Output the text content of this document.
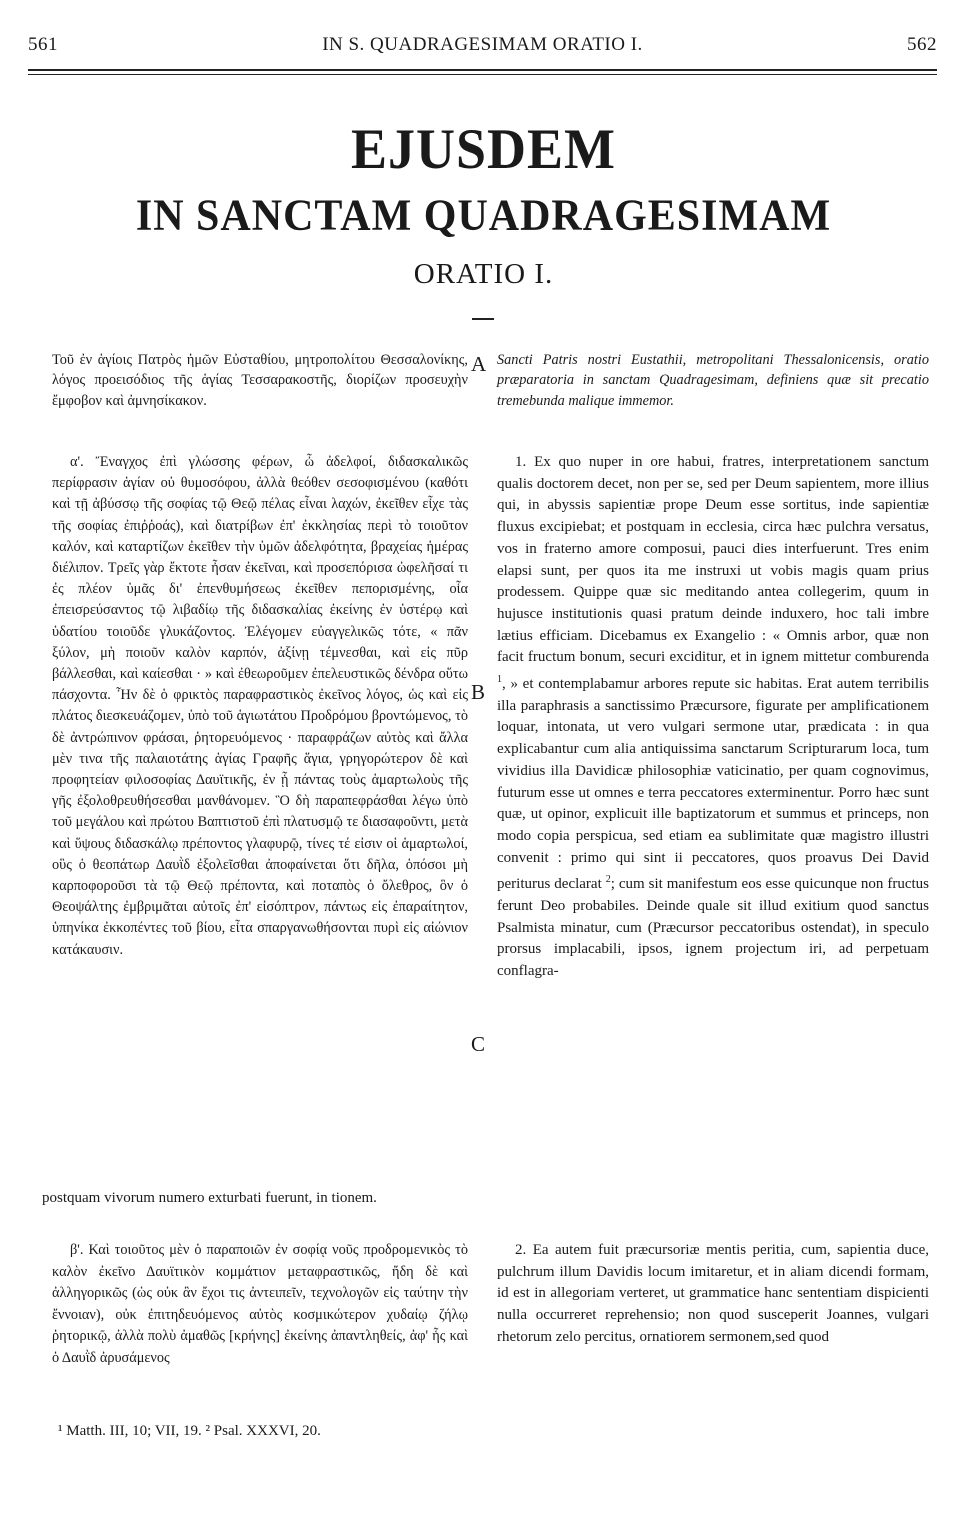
561	IN S. QUADRAGESIMAM ORATIO I.	562
EJUSDEM
IN SANCTAM QUADRAGESIMAM
ORATIO I.

Τοῦ ἐν ἁγίοις Πατρὸς ἡμῶν Εὐσταθίου, μητροπολίτου Θεσσαλονίκης, λόγος προεισόδιος τῆς ἁγίας Τεσσαρακοστῆς, διορίζων προσευχὴν ἔμφοβον καὶ ἀμνησίκακον.

α'. Ἔναγχος ἐπὶ γλώσσης φέρων, ὦ ἀδελφοί, διδασκαλικῶς περίφρασιν ἁγίαν οὐ θυμοσόφου, ἀλλὰ θεόθεν σεσοφισμένου (καθότι καὶ τῇ ἀβύσσῳ τῆς σοφίας τῷ Θεῷ πέλας εἶναι λαχών, ἐκεῖθεν εἶχε τὰς τῆς σοφίας ἐπιῤῥοάς), καὶ διατρίβων ἐπ' ἐκκλησίας περὶ τὸ τοιοῦτον καλόν, καὶ καταρτίζων ἐκεῖθεν τὴν ὑμῶν ἀδελφότητα, βραχείας ἡμέρας διέλιπον. Τρεῖς γὰρ ἔκτοτε ἦσαν ἐκεῖναι, καὶ προσεπόρισα ὠφελῆσαί τι ἐς πλέον ὑμᾶς δι' ἐπενθυμήσεως ἐκεῖθεν πεπορισμένης, οἷα ἐπεισρεύσαντος τῷ λιβαδίῳ τῆς διδασκαλίας ἐκείνης ἐν ὑστέρῳ καὶ ὑδατίου τοιοῦδε γλυκάζοντος. Ἐλέγομεν εὐαγγελικῶς τότε, « πᾶν ξύλον, μὴ ποιοῦν καλὸν καρπόν, ἀξίνῃ τέμνεσθαι, καὶ εἰς πῦρ βάλλεσθαι, καὶ καίεσθαι · » καὶ ἐθεωροῦμεν ἐπελευστικῶς δένδρα οὕτω πάσχοντα. Ἦν δὲ ὁ φρικτὸς παραφραστικὸς ἐκεῖνος λόγος, ὡς καὶ εἰς πλάτος διεσκευάζομεν, ὑπὸ τοῦ ἁγιωτάτου Προδρόμου βροντώμενος, τὸ δὲ ἀντρώπινον φράσαι, ῥητορευόμενος · παραφράζων αὐτὸς καὶ ἄλλα μὲν τινα τῆς παλαιοτάτης ἁγίας Γραφῆς ἅγια, γρηγορώτερον δὲ καὶ προφητείαν φιλοσοφίας Δαυϊτικῆς, ἐν ᾗ πάντας τοὺς ἁμαρτωλοὺς τῆς γῆς ἐξολοθρευθήσεσθαι μανθάνομεν. Ὃ δὴ παραπεφράσθαι λέγω ὑπὸ τοῦ μεγάλου καὶ πρώτου Βαπτιστοῦ ἐπὶ πλατυσμῷ τε διασαφοῦντι, μετὰ καὶ ὕψους διδασκάλῳ πρέποντος γλαφυρῷ, τίνες τέ εἰσιν οἱ ἁμαρτωλοί, οὓς ὁ θεοπάτωρ Δαυῒδ ἐξολεῖσθαι ἀποφαίνεται ὅτι δῆλα, ὁπόσοι μὴ καρποφοροῦσι τὰ τῷ Θεῷ πρέποντα, καὶ ποταπὸς ὁ ὄλεθρος, ὃν ὁ Θεοψάλτης ἐμβριμᾶται αὐτοῖς ἐπ' εἰσόπτρον, πάντως εἰς ἐπαραίτητον, ὑπηνίκα ἐκκοπέντες τοῦ βίου, εἶτα σπαργανωθήσονται πυρὶ εἰς αἰώνιον κατάκαυσιν.

Sancti Patris nostri Eustathii, metropolitani Thessalonicensis, oratio præparatoria in sanctam Quadragesimam, definiens quæ sit precatio tremebunda malique immemor.

1. Ex quo nuper in ore habui, fratres, interpretationem sanctum qualis doctorem decet, non per se, sed per Deum sapientem, more illius qui, in abyssis sapientiæ prope Deum esse sortitus, inde sapientiæ fluxus excipiebat; et postquam in ecclesia, circa hæc pulchra versatus, vos in fraterno amore composui, pauci dies interfuerunt. Tres enim elapsi sunt, per quos ita me instruxi ut vobis magis quam prius prodessem. Quippe quæ sic meditando antea collegerim, quum in hujusce institutionis quasi pratum deinde induxero, hoc tali imbre lætius efficiam. Dicebamus ex Exangelio : « Omnis arbor, quæ non facit fructum bonum, securi exciditur, et in ignem mittetur comburenda $^1$, » et contemplabamur arbores repute sic habitas. Erat autem terribilis illa paraphrasis a sanctissimo Præcursore, figurate per amplificationem loquar, intonata, ut vero vulgari sermone utar, prædicata : in qua explicabantur cum alia antiquissima sanctarum Scripturarum loca, tum vividius illa Davidicæ philosophiæ vaticinatio, per quam cognovimus, futurum esse ut omnes e terra peccatores exterminentur. Porro hæc sunt quæ, ut opinor, explicuit ille baptizatorum et summus et princeps, non modo copia perspicua, sed etiam ea sublimitate quæ magistro illustri convenit : primo qui sint ii peccatores, quos proavus Dei David periturus declarat $^2$; cum sit manifestum eos esse quicunque non fructus ferunt Deo probabiles. Deinde quale sit illud exitium quod sanctus Psalmista minatur, cum (Præcursor peccatoribus ostendat), in speculo prorsus implacabili, ipsos, ignem projectum iri, ad perpetuam conflagra-

A
B
C
postquam vivorum numero exturbati fuerunt, in tionem.

β'. Καὶ τοιοῦτος μὲν ὁ παραποιῶν ἐν σοφίᾳ νοῦς προδρομενικὸς τὸ καλὸν ἐκεῖνο Δαυϊτικὸν κομμάτιον μεταφραστικῶς, ἤδη δὲ καὶ ἀλληγορικῶς (ὡς οὐκ ἂν ἔχοι τις ἀντειπεῖν, τεχνολογῶν εἰς ταύτην τὴν ἔννοιαν), οὐκ ἐπιτηδευόμενος αὐτὸς κοσμικώτερον χυδαίῳ ζήλῳ ῥητορικῷ, ἀλλὰ πολὺ ἀμαθῶς [κρήνης] ἐκείνης ἀπαντληθείς, ἀφ' ἧς καὶ ὁ Δαυῒδ ἀρυσάμενος

2. Ea autem fuit præcursoriæ mentis peritia, cum, sapientia duce, pulchrum illum Davidis locum imitaretur, et in aliam dicendi formam, id est in allegoriam verteret, ut grammatice hanc sententiam dispicienti nulla occurreret reprehensio; non quod susceperit Joannes, vulgari rhetorum zelo percitus, ornatiorem sermonem,sed quod

¹ Matth. III, 10; VII, 19. ² Psal. XXXVI, 20.
